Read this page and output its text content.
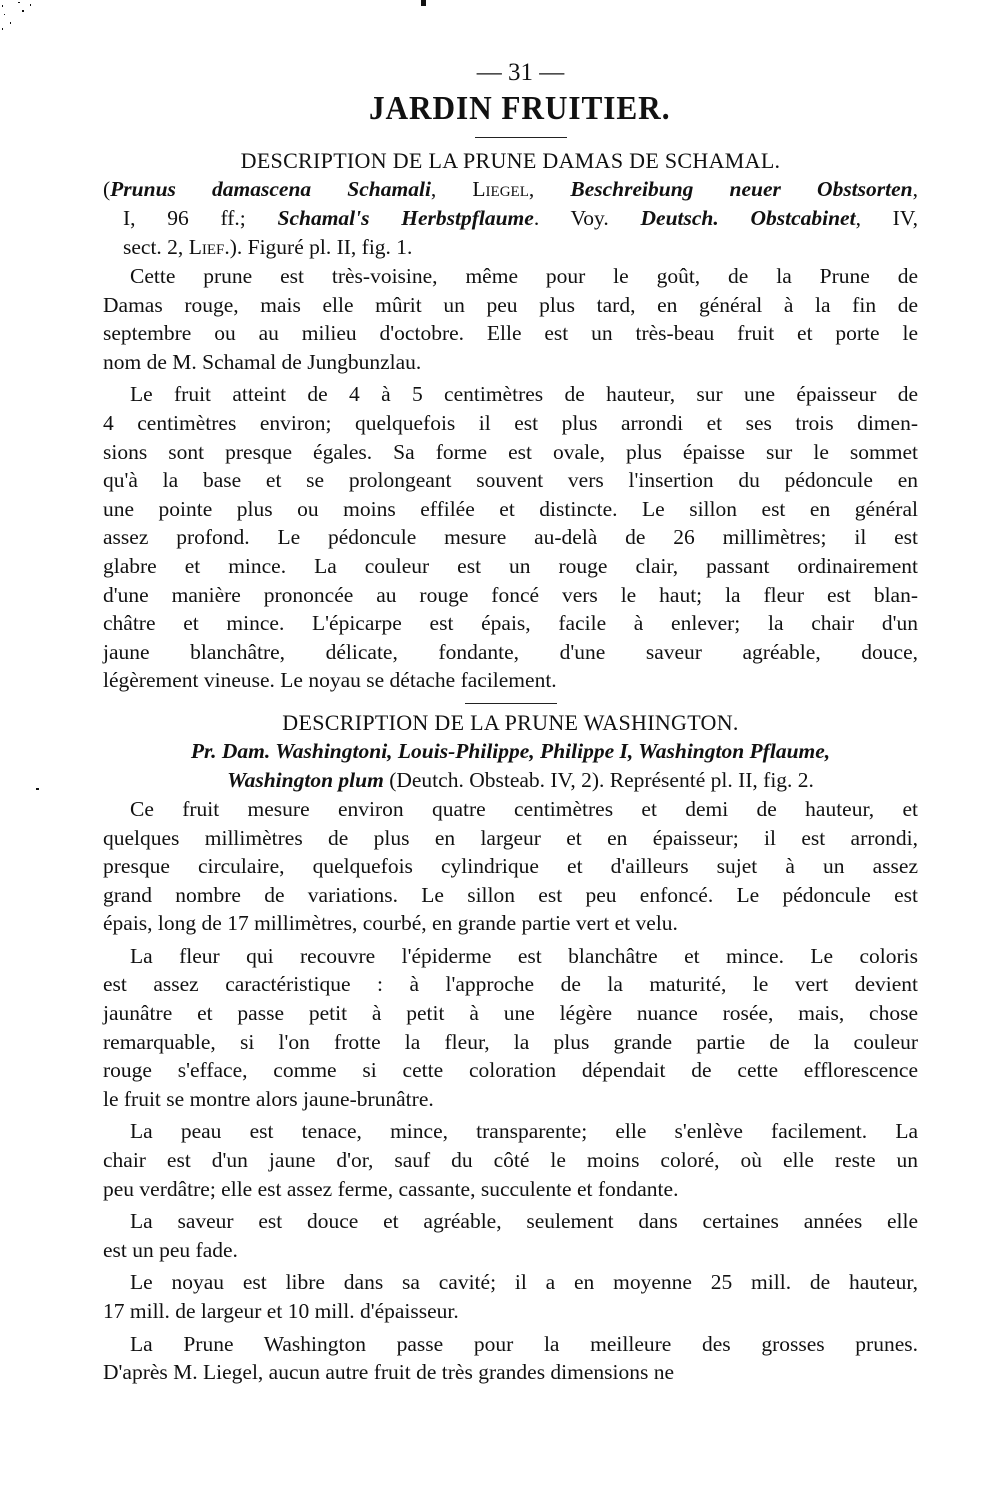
— 31 —
JARDIN FRUITIER.
DESCRIPTION DE LA PRUNE DAMAS DE SCHAMAL.
(Prunus damascena Schamali, Liegel, Beschreibung neuer Obstsorten,
I, 96 ff.; Schamal's Herbstpflaume. Voy. Deutsch. Obstcabinet, IV,
sect. 2, Lief.). Figuré pl. II, fig. 1.

Cette prune est très-voisine, même pour le goût, de la Prune de
Damas rouge, mais elle mûrit un peu plus tard, en général à la fin de
septembre ou au milieu d'octobre. Elle est un très-beau fruit et porte le
nom de M. Schamal de Jungbunzlau.

Le fruit atteint de 4 à 5 centimètres de hauteur, sur une épaisseur de
4 centimètres environ; quelquefois il est plus arrondi et ses trois dimen-
sions sont presque égales. Sa forme est ovale, plus épaisse sur le sommet
qu'à la base et se prolongeant souvent vers l'insertion du pédoncule en
une pointe plus ou moins effilée et distincte. Le sillon est en général
assez profond. Le pédoncule mesure au-delà de 26 millimètres; il est
glabre et mince. La couleur est un rouge clair, passant ordinairement
d'une manière prononcée au rouge foncé vers le haut; la fleur est blan-
châtre et mince. L'épicarpe est épais, facile à enlever; la chair d'un
jaune blanchâtre, délicate, fondante, d'une saveur agréable, douce,
légèrement vineuse. Le noyau se détache facilement.

DESCRIPTION DE LA PRUNE WASHINGTON.
Pr. Dam. Washingtoni, Louis-Philippe, Philippe I, Washington Pflaume,
Washington plum (Deutch. Obsteab. IV, 2). Représenté pl. II, fig. 2.

Ce fruit mesure environ quatre centimètres et demi de hauteur, et
quelques millimètres de plus en largeur et en épaisseur; il est arrondi,
presque circulaire, quelquefois cylindrique et d'ailleurs sujet à un assez
grand nombre de variations. Le sillon est peu enfoncé. Le pédoncule est
épais, long de 17 millimètres, courbé, en grande partie vert et velu.

La fleur qui recouvre l'épiderme est blanchâtre et mince. Le coloris
est assez caractéristique : à l'approche de la maturité, le vert devient
jaunâtre et passe petit à petit à une légère nuance rosée, mais, chose
remarquable, si l'on frotte la fleur, la plus grande partie de la couleur
rouge s'efface, comme si cette coloration dépendait de cette efflorescence
le fruit se montre alors jaune-brunâtre.

La peau est tenace, mince, transparente; elle s'enlève facilement. La
chair est d'un jaune d'or, sauf du côté le moins coloré, où elle reste un
peu verdâtre; elle est assez ferme, cassante, succulente et fondante.

La saveur est douce et agréable, seulement dans certaines années elle
est un peu fade.

Le noyau est libre dans sa cavité; il a en moyenne 25 mill. de hauteur,
17 mill. de largeur et 10 mill. d'épaisseur.

La Prune Washington passe pour la meilleure des grosses prunes.
D'après M. Liegel, aucun autre fruit de très grandes dimensions ne
